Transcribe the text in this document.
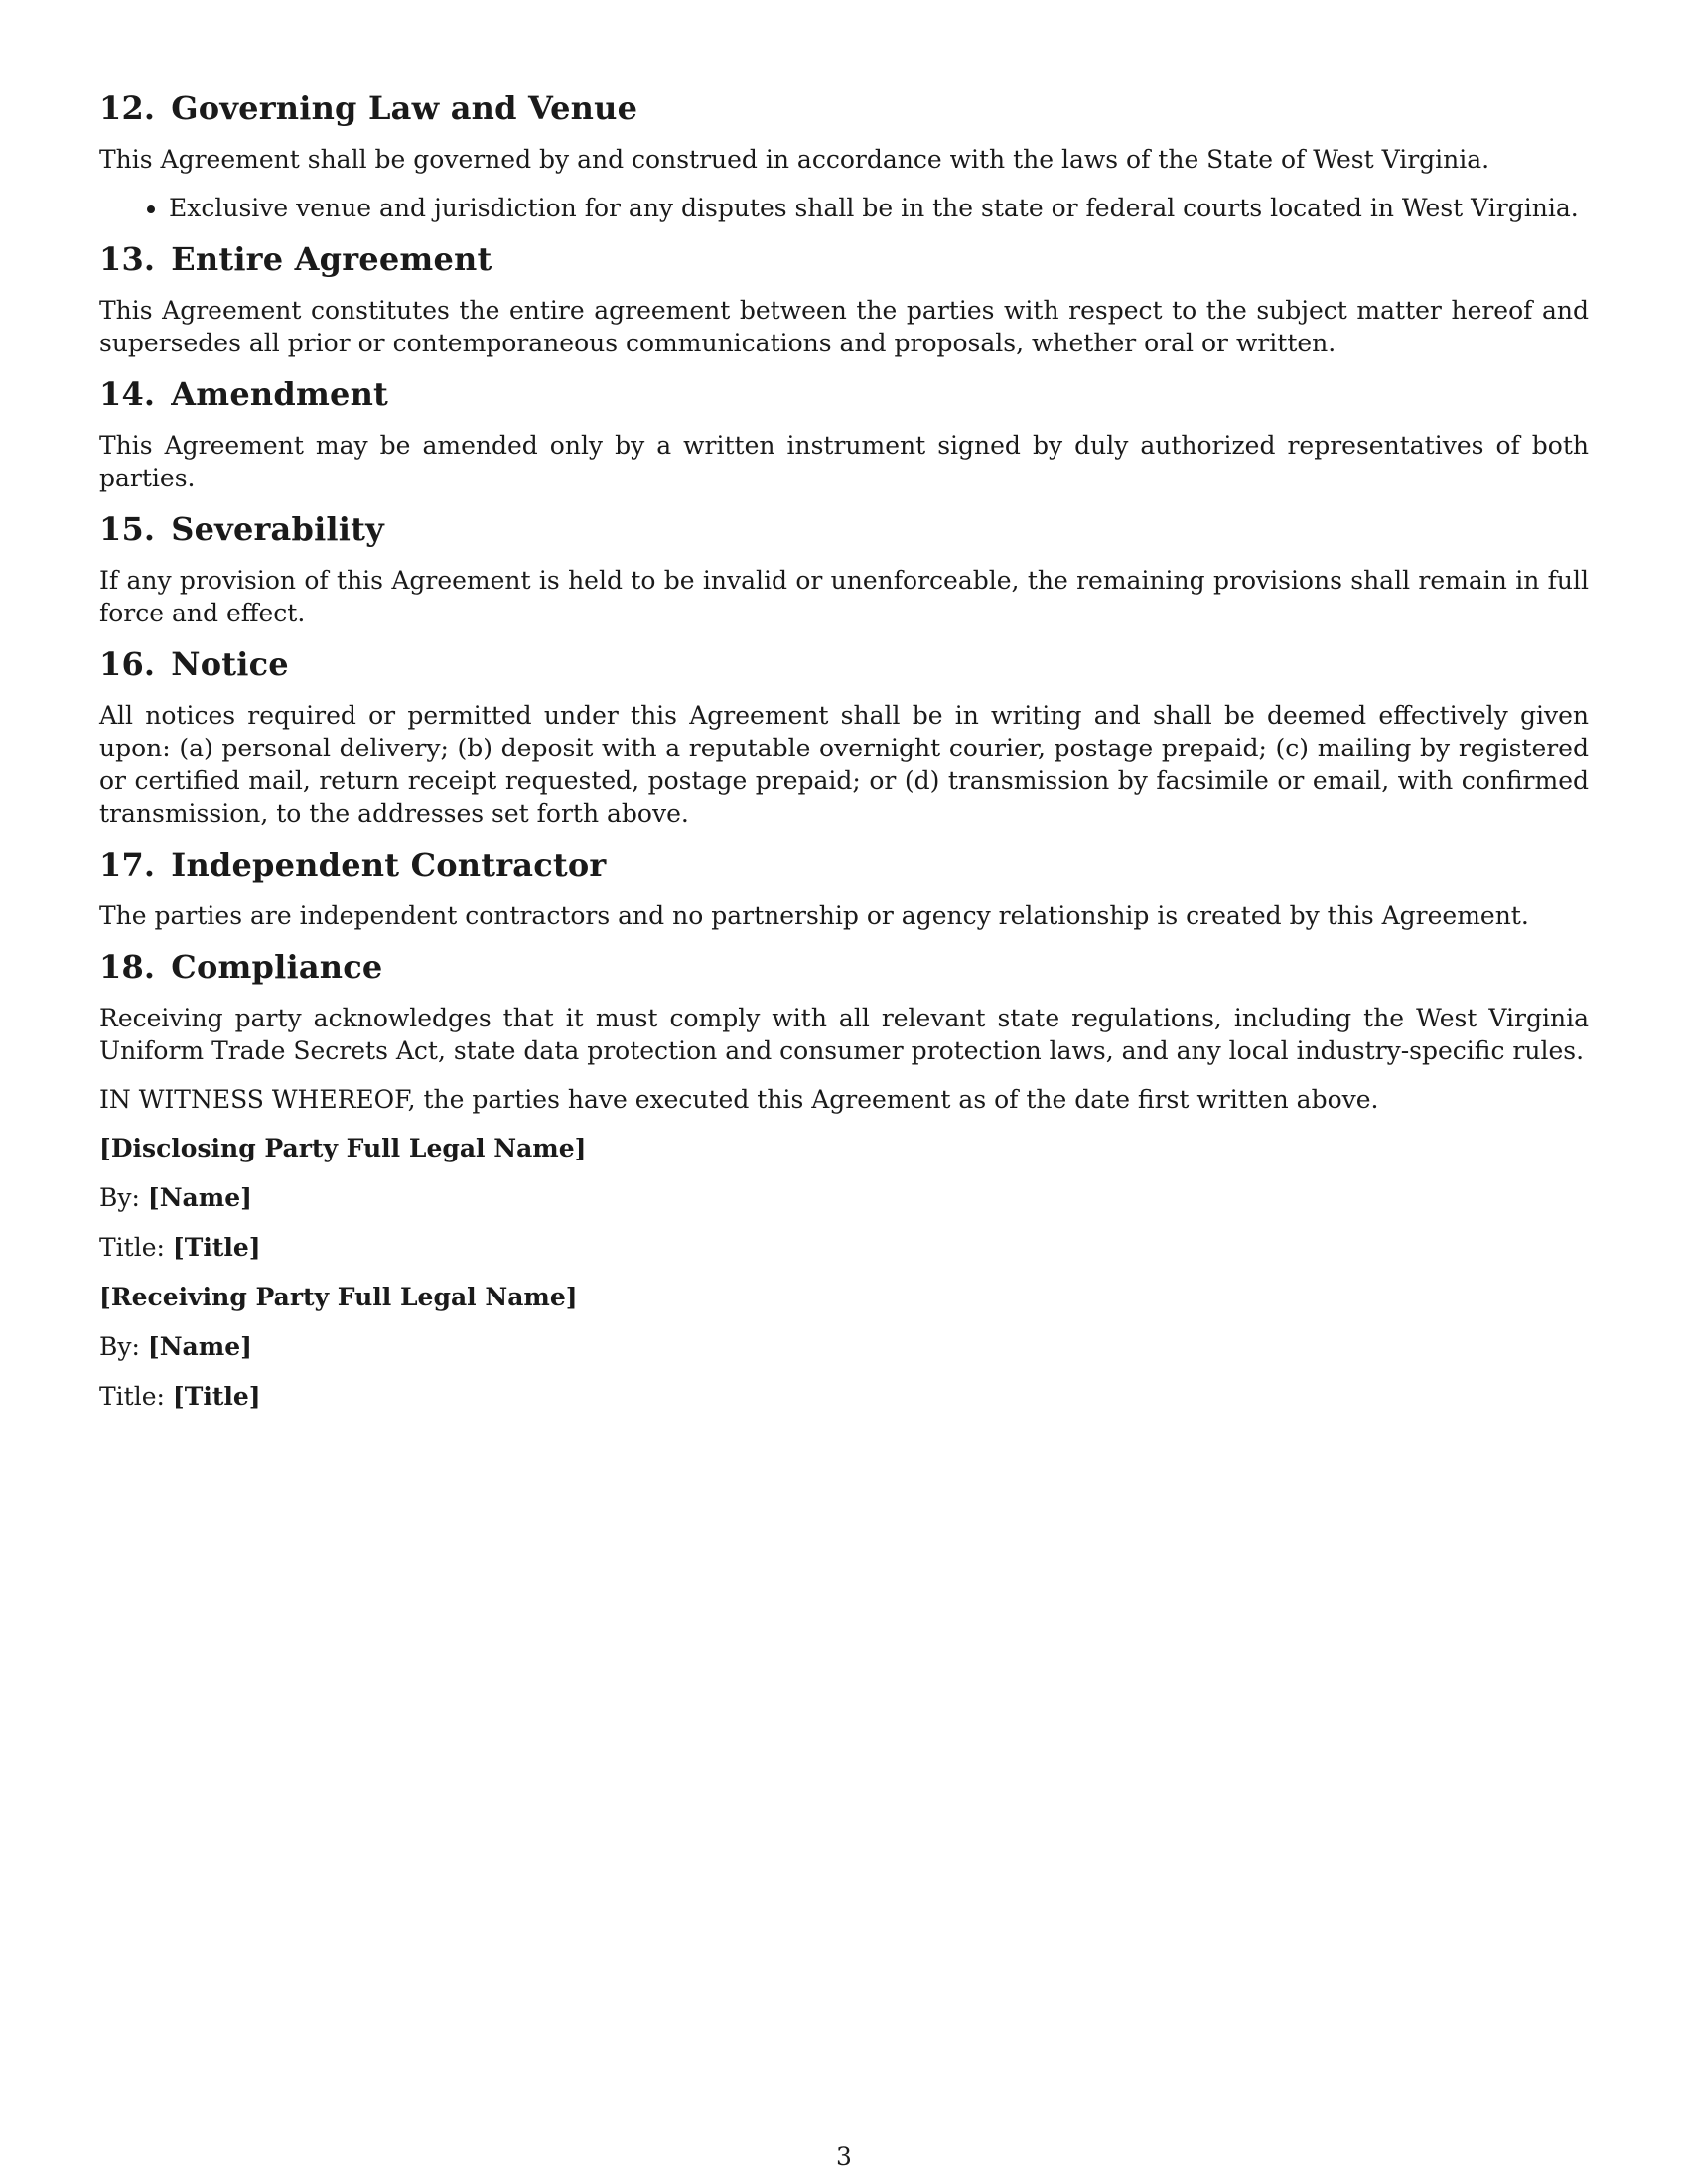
12. Governing Law and Venue

This Agreement shall be governed by and construed in accordance with the laws of the State of West Virginia.

• Exclusive venue and jurisdiction for any disputes shall be in the state or federal courts located in West Virginia.
13. Entire Agreement

This Agreement constitutes the entire agreement between the parties with respect to the subject matter hereof and supersedes all prior or contemporaneous communications and proposals, whether oral or written.

14. Amendment

This Agreement may be amended only by a written instrument signed by duly authorized representatives of both parties.

15. Severability

If any provision of this Agreement is held to be invalid or unenforceable, the remaining provisions shall remain in full force and effect.

16. Notice

All notices required or permitted under this Agreement shall be in writing and shall be deemed effectively given upon: (a) personal delivery; (b) deposit with a reputable overnight courier, postage prepaid; (c) mailing by registered or certified mail, return receipt requested, postage prepaid; or (d) transmission by facsimile or email, with confirmed transmission, to the addresses set forth above.

17. Independent Contractor

The parties are independent contractors and no partnership or agency relationship is created by this Agreement.

18. Compliance

Receiving party acknowledges that it must comply with all relevant state regulations, including the West Virginia Uniform Trade Secrets Act, state data protection and consumer protection laws, and any local industry-specific rules.

IN WITNESS WHEREOF, the parties have executed this Agreement as of the date first written above.

[Disclosing Party Full Legal Name]
By: [Name]
Title: [Title]
[Receiving Party Full Legal Name]
By: [Name]
Title: [Title]
3
